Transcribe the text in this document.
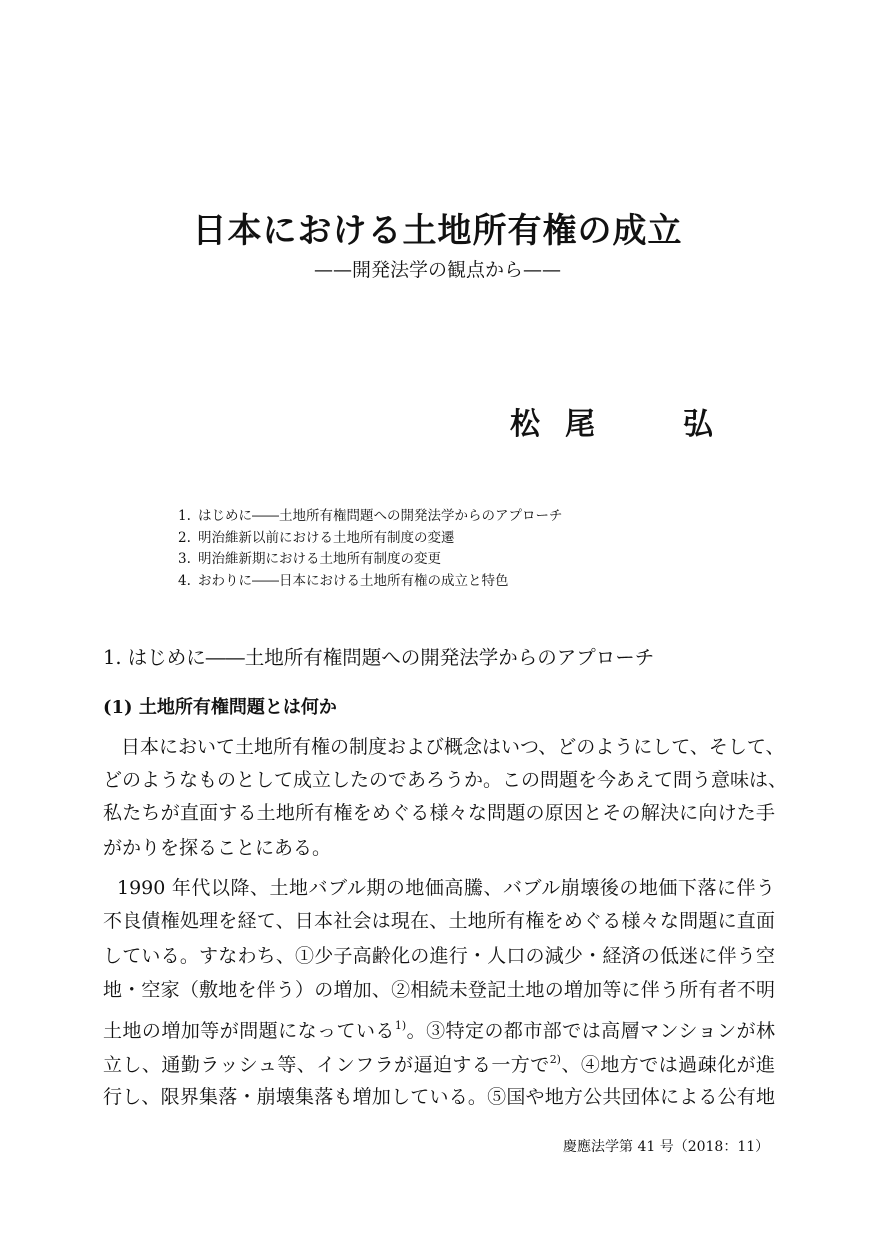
日本における土地所有権の成立
——開発法学の観点から——
松 尾	弘
1. はじめに――土地所有権問題への開発法学からのアプローチ
2. 明治維新以前における土地所有制度の変遷
3. 明治維新期における土地所有制度の変更
4. おわりに――日本における土地所有権の成立と特色
1. はじめに――土地所有権問題への開発法学からのアプローチ
(1) 土地所有権問題とは何か
日本において土地所有権の制度および概念はいつ、どのようにして、そして、
どのようなものとして成立したのであろうか。この問題を今あえて問う意味は、
私たちが直面する土地所有権をめぐる様々な問題の原因とその解決に向けた手
がかりを探ることにある。
1990 年代以降、土地バブル期の地価高騰、バブル崩壊後の地価下落に伴う
不良債権処理を経て、日本社会は現在、土地所有権をめぐる様々な問題に直面
している。すなわち、①少子高齢化の進行・人口の減少・経済の低迷に伴う空
地・空家（敷地を伴う）の増加、②相続未登記土地の増加等に伴う所有者不明
土地の増加等が問題になっている$^{1)}$。③特定の都市部では高層マンションが林
立し、通勤ラッシュ等、インフラが逼迫する一方で$^{2)}$、④地方では過疎化が進
行し、限界集落・崩壊集落も増加している。⑤国や地方公共団体による公有地
慶應法学第 41 号（2018：11）
